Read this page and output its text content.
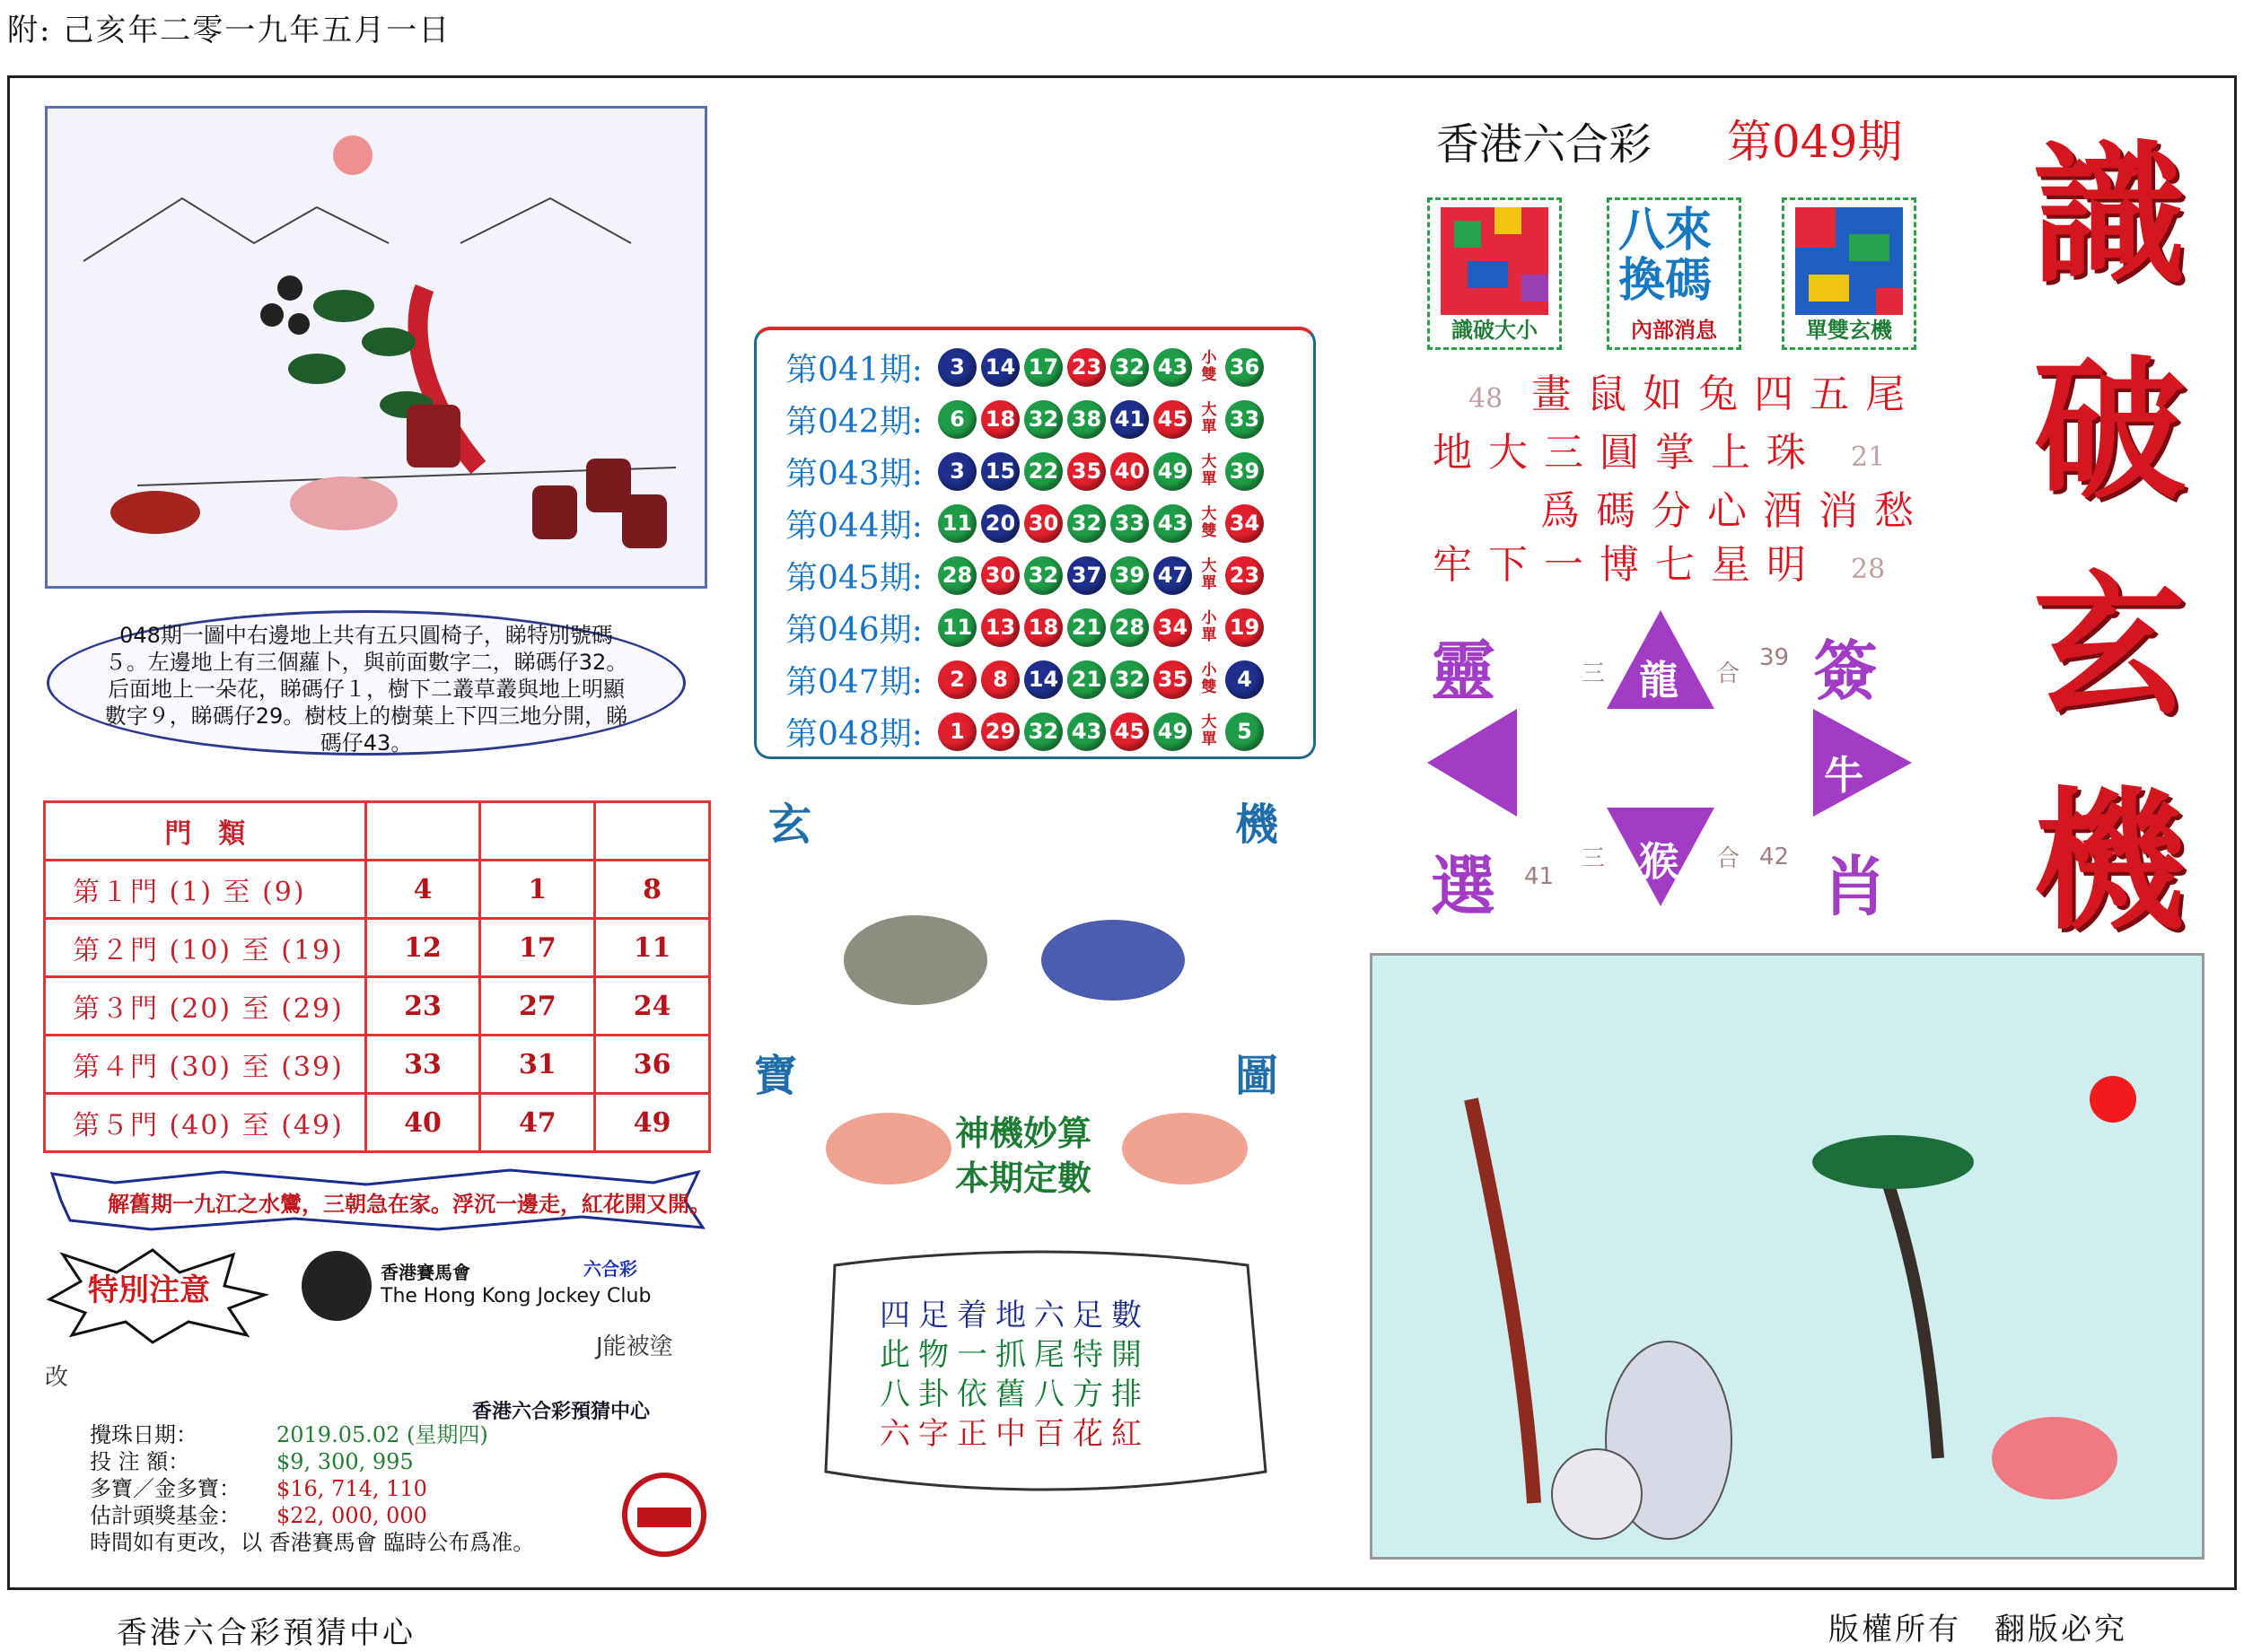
附: 己亥年二零一九年五月一日
048期一圖中右邊地上共有五只圓椅子，睇特別號碼５。左邊地上有三個蘿卜，與前面數字二，睇碼仔32。后面地上一朵花，睇碼仔１，樹下二叢草叢與地上明顯數字９，睇碼仔29。樹枝上的樹葉上下四三地分開，睇碼仔43。
門　類			
第１門 (1) 至 (9)	4	1	8
第２門 (10) 至 (19)	12	17	11
第３門 (20) 至 (29)	23	27	24
第４門 (30) 至 (39)	33	31	36
第５門 (40) 至 (49)	40	47	49
解舊期一九江之水鸞，三朝急在家。浮沉一邊走，紅花開又開。
特別注意	香港賽馬會
The Hong Kong Jockey Club
六合彩
J能被塗
改
香港六合彩預猜中心
攪珠日期：	2019.05.02 (星期四)
投 注 額：	$9, 300, 995
多寶／金多寶： $16, 714, 110
估計頭獎基金： $22, 000, 000
時間如有更改，以 香港賽馬會 臨時公布爲准。
第041期:	3 14 17 23 32 43 小雙 36
第042期:	6 18 32 38 41 45 大單 33
第043期:	3 15 22 35 40 49 大單 39
第044期: 11 20 30 32 33 43 大雙 34
第045期: 28 30 32 37 39 47 大單 23
第046期: 11 13 18 21 28 34 小單 19
第047期:	2	8 14 21 32 35 小雙 4
第048期:	1 29 32 43 45 49 大單 5
玄	機
寶	圖
神機妙算
本期定數
四足着地六足數
此物一抓尾特開
八卦依舊八方排
六字正中百花紅
香港六合彩 第049期 識
破
玄
機
識破大小
八來
換碼
內部消息	單雙玄機
48 畫鼠如兔四五尾
地大三圓掌上珠 21
爲碼分心酒消愁
牢下一博七星明 28
靈	簽
選	肖
龍
牛
猴
三	合
39
三	合
41
42
香港六合彩預猜中心	版權所有　翻版必究
